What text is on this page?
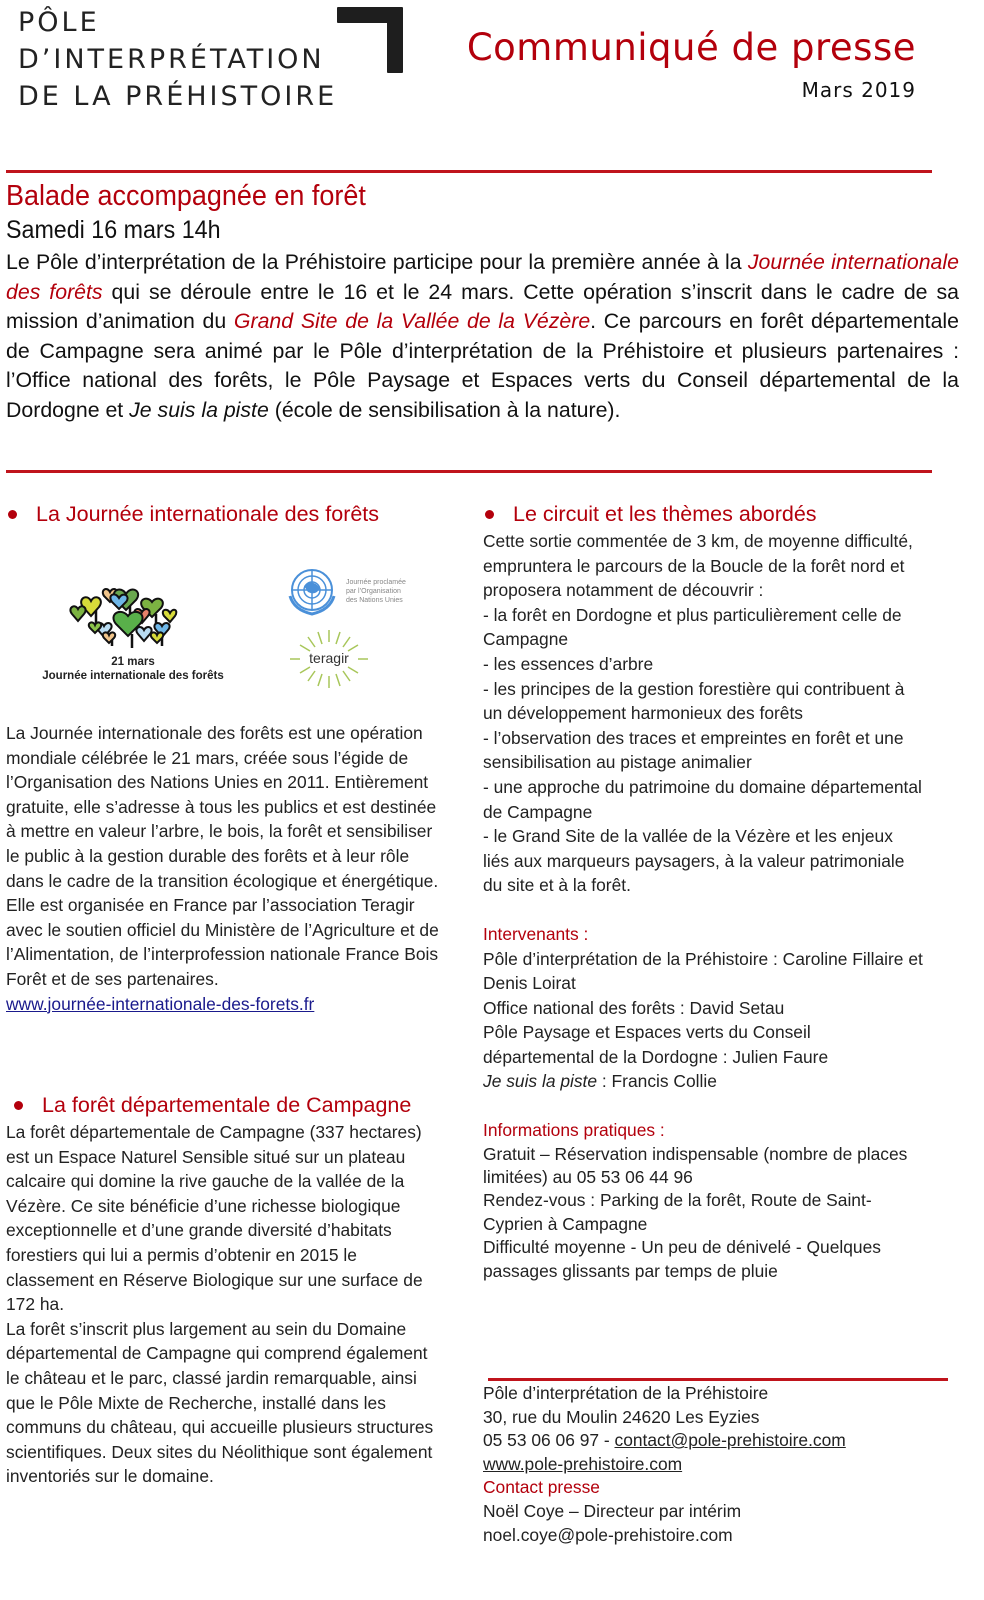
PÔLE
D’INTERPRÉTATION
DE LA PRÉHISTOIRE
Communiqué de presse
Mars 2019
Balade accompagnée en forêt
Samedi 16 mars 14h
Le Pôle d’interprétation de la Préhistoire participe pour la première année à la Journée internationale des forêts qui se déroule entre le 16 et le 24 mars. Cette opération s’inscrit dans le cadre de sa mission d’animation du Grand Site de la Vallée de la Vézère. Ce parcours en forêt départementale de Campagne sera animé par le Pôle d’interprétation de la Préhistoire et plusieurs partenaires : l’Office national des forêts, le Pôle Paysage et Espaces verts du Conseil départemental de la Dordogne et Je suis la piste (école de sensibilisation à la nature).
La Journée internationale des forêts
21 mars
Journée internationale des forêts
Journée proclamée
par l’Organisation
des Nations Unies
teragir
La Journée internationale des forêts est une opération mondiale célébrée le 21 mars, créée sous l’égide de l’Organisation des Nations Unies en 2011. Entièrement gratuite, elle s’adresse à tous les publics et est destinée à mettre en valeur l’arbre, le bois, la forêt et sensibiliser le public à la gestion durable des forêts et à leur rôle dans le cadre de la transition écologique et énergétique. Elle est organisée en France par l’association Teragir avec le soutien officiel du Ministère de l’Agriculture et de l’Alimentation, de l’interprofession nationale France Bois Forêt et de ses partenaires.
www.journée-internationale-des-forets.fr
La forêt départementale de Campagne
La forêt départementale de Campagne (337 hectares) est un Espace Naturel Sensible situé sur un plateau calcaire qui domine la rive gauche de la vallée de la Vézère. Ce site bénéficie d’une richesse biologique exceptionnelle et d’une grande diversité d’habitats forestiers qui lui a permis d’obtenir en 2015 le classement en Réserve Biologique sur une surface de 172 ha.
La forêt s’inscrit plus largement au sein du Domaine départemental de Campagne qui comprend également le château et le parc, classé jardin remarquable, ainsi que le Pôle Mixte de Recherche, installé dans les communs du château, qui accueille plusieurs structures scientifiques. Deux sites du Néolithique sont également inventoriés sur le domaine.
Le circuit et les thèmes abordés
Cette sortie commentée de 3 km, de moyenne difficulté, empruntera le parcours de la Boucle de la forêt nord et proposera notamment de découvrir :
- la forêt en Dordogne et plus particulièrement celle de Campagne
- les essences d’arbre
- les principes de la gestion forestière qui contribuent à un développement harmonieux des forêts
- l’observation des traces et empreintes en forêt et une sensibilisation au pistage animalier
- une approche du patrimoine du domaine départemental de Campagne
- le Grand Site de la vallée de la Vézère et les enjeux liés aux marqueurs paysagers, à la valeur patrimoniale du site et à la forêt.
Intervenants :
Pôle d’interprétation de la Préhistoire : Caroline Fillaire et Denis Loirat
Office national des forêts : David Setau
Pôle Paysage et Espaces verts du Conseil départemental de la Dordogne : Julien Faure
Je suis la piste : Francis Collie
Informations pratiques :
Gratuit – Réservation indispensable (nombre de places limitées) au 05 53 06 44 96
Rendez-vous : Parking de la forêt, Route de Saint-Cyprien à Campagne
Difficulté moyenne - Un peu de dénivelé - Quelques passages glissants par temps de pluie
Pôle d’interprétation de la Préhistoire
30, rue du Moulin 24620 Les Eyzies
05 53 06 06 97 - contact@pole-prehistoire.com
www.pole-prehistoire.com
Contact presse
Noël Coye – Directeur par intérim
noel.coye@pole-prehistoire.com
